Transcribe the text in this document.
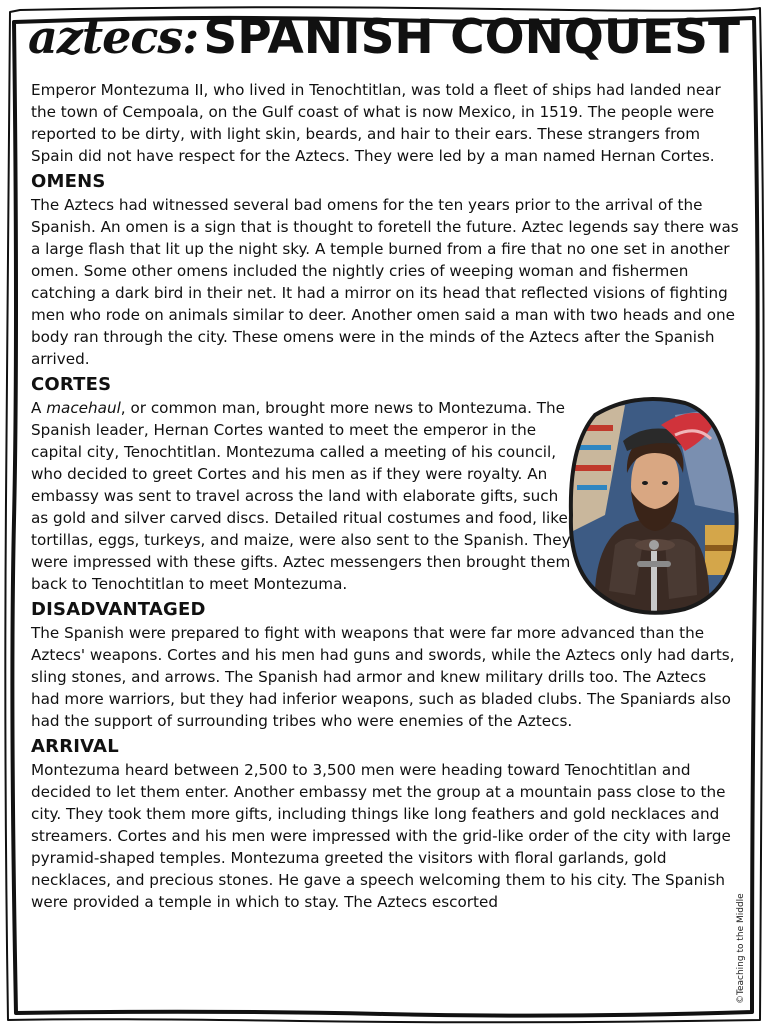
aztecs: SPANISH CONQUEST

Emperor Montezuma II, who lived in Tenochtitlan, was told a fleet of ships had landed near the town of Cempoala, on the Gulf coast of what is now Mexico, in 1519. The people were reported to be dirty, with light skin, beards, and hair to their ears. These strangers from Spain did not have respect for the Aztecs. They were led by a man named Hernan Cortes.

OMENS

The Aztecs had witnessed several bad omens for the ten years prior to the arrival of the Spanish. An omen is a sign that is thought to foretell the future. Aztec legends say there was a large flash that lit up the night sky. A temple burned from a fire that no one set in another omen. Some other omens included the nightly cries of weeping woman and fishermen catching a dark bird in their net. It had a mirror on its head that reflected visions of fighting men who rode on animals similar to deer. Another omen said a man with two heads and one body ran through the city. These omens were in the minds of the Aztecs after the Spanish arrived.

CORTES

A macehaul, or common man, brought more news to Montezuma. The Spanish leader, Hernan Cortes wanted to meet the emperor in the capital city, Tenochtitlan. Montezuma called a meeting of his council, who decided to greet Cortes and his men as if they were royalty. An embassy was sent to travel across the land with elaborate gifts, such as gold and silver carved discs. Detailed ritual costumes and food, like tortillas, eggs, turkeys, and maize, were also sent to the Spanish. They were impressed with these gifts. Aztec messengers then brought them back to Tenochtitlan to meet Montezuma.

DISADVANTAGED

The Spanish were prepared to fight with weapons that were far more advanced than the Aztecs' weapons. Cortes and his men had guns and swords, while the Aztecs only had darts, sling stones, and arrows. The Spanish had armor and knew military drills too. The Aztecs had more warriors, but they had inferior weapons, such as bladed clubs. The Spaniards also had the support of surrounding tribes who were enemies of the Aztecs.

ARRIVAL

Montezuma heard between 2,500 to 3,500 men were heading toward Tenochtitlan and decided to let them enter. Another embassy met the group at a mountain pass close to the city. They took them more gifts, including things like long feathers and gold necklaces and streamers. Cortes and his men were impressed with the grid-like order of the city with large pyramid-shaped temples. Montezuma greeted the visitors with floral garlands, gold necklaces, and precious stones. He gave a speech welcoming them to his city. The Spanish were provided a temple in which to stay. The Aztecs escorted	©Teaching to the Middle
